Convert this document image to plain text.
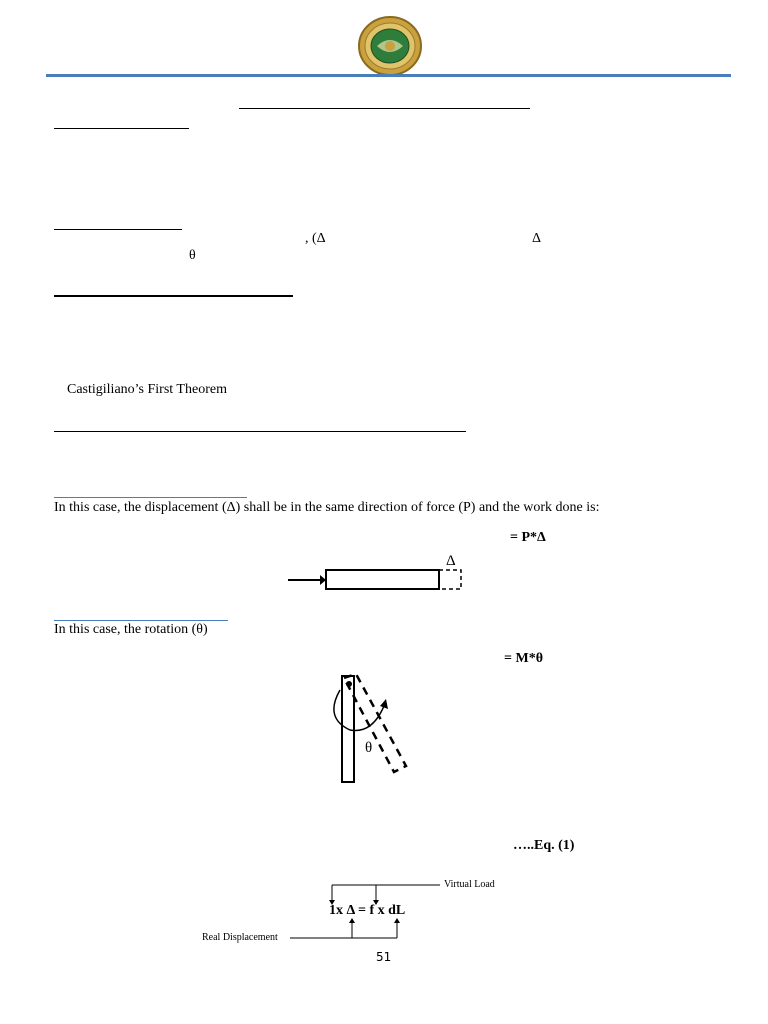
, (Δ	Δ
θ
Castigiliano’s First Theorem
In this case, the displacement (Δ) shall be in the same direction of force (P) and the work done is:
= P*Δ
Δ
In this case, the rotation (θ)
= M*θ
θ
…..Eq. (1)
Virtual Load
1x Δ = f x dL
Real Displacement
51
